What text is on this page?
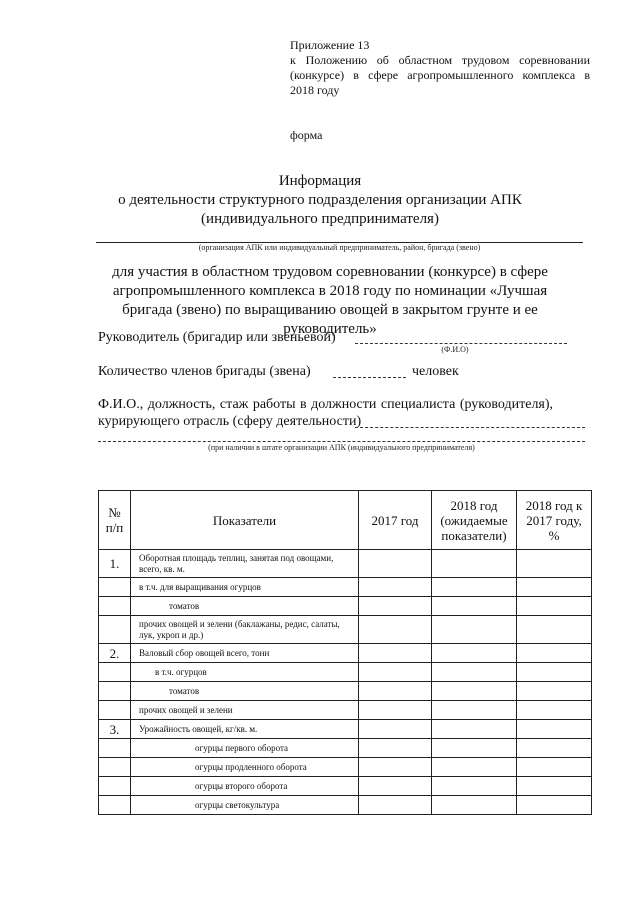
Приложение 13
к Положению об областном трудовом соревновании
(конкурсе) в сфере агропромышленного комплекса в
2018 году
форма
Информация
о деятельности структурного подразделения организации АПК
(индивидуального предпринимателя)
(организация АПК или индивидуальный предприниматель, район, бригада (звено)
для участия в областном трудовом соревновании (конкурсе) в сфере агропромышленного комплекса в 2018 году по номинации «Лучшая бригада (звено) по выращиванию овощей в закрытом грунте и ее руководитель»
Руководитель (бригадир или звеньевой)
(Ф.И.О)
Количество членов бригады (звена)	человек
Ф.И.О., должность, стаж работы в должности специалиста (руководителя),
курирующего отрасль (сферу деятельности)
(при наличии в штате организации АПК (индивидуального предпринимателя)
№ п/п	Показатели	2017 год	2018 год (ожидаемые показатели)	2018 год к 2017 году, %
1.	Оборотная площадь теплиц, занятая под овощами, всего, кв. м.			
	в т.ч. для выращивания огурцов			
	томатов			
	прочих овощей и зелени (баклажаны, редис, салаты, лук, укроп и др.)			
2.	Валовый сбор овощей всего, тонн			
	в т.ч. огурцов			
	томатов			
	прочих овощей и зелени			
3.	Урожайность овощей, кг/кв. м.			
	огурцы первого оборота			
	огурцы продленного оборота			
	огурцы второго оборота			
	огурцы светокультура			
